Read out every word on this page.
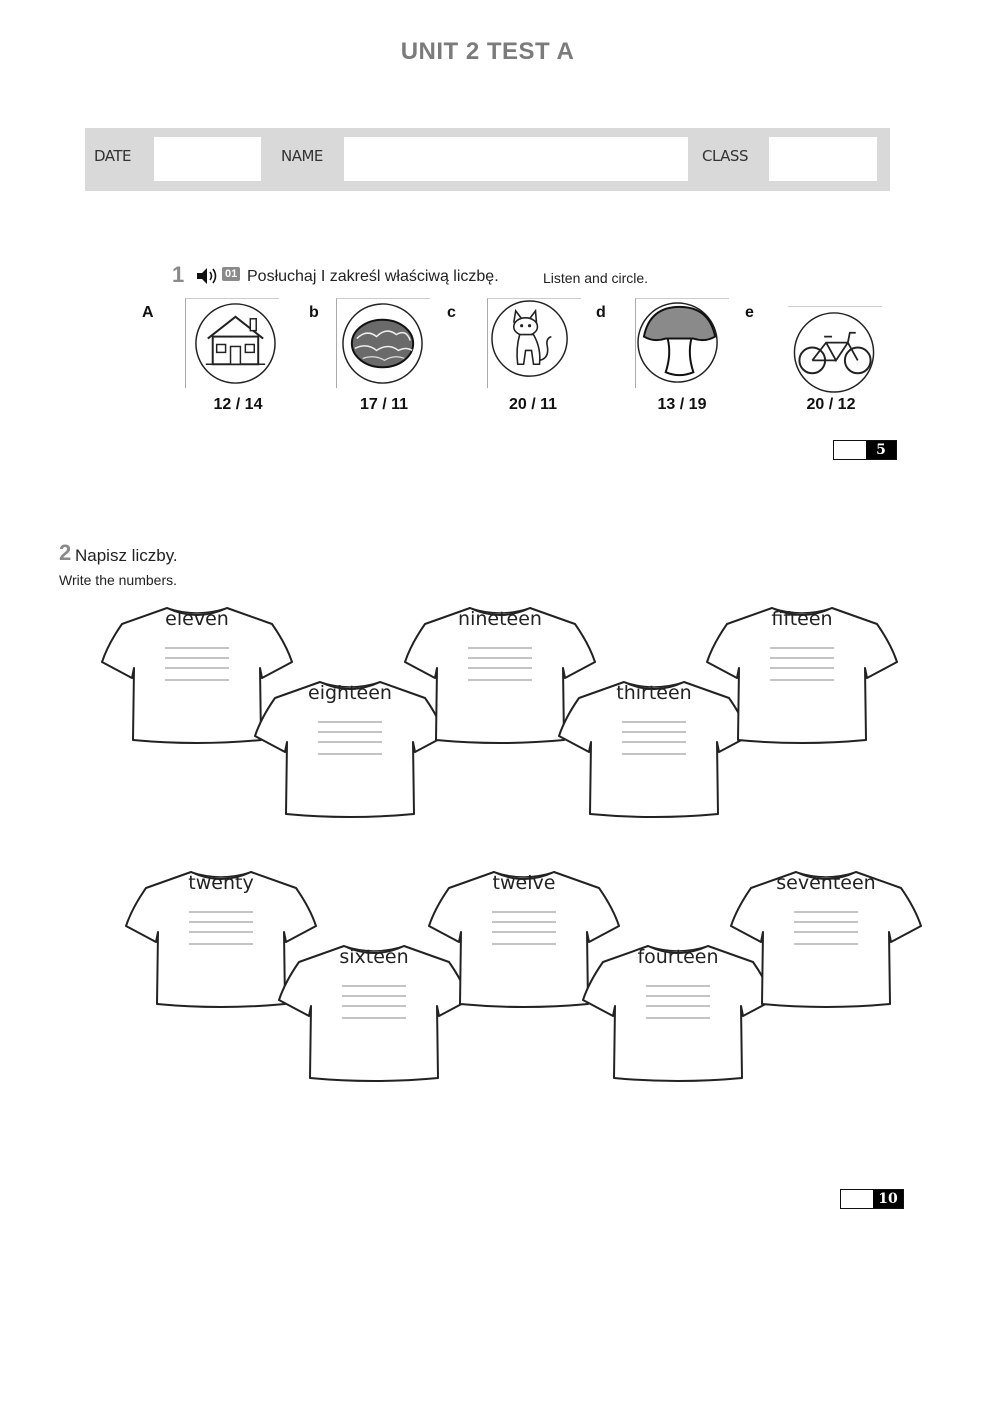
UNIT 2 TEST A
DATE	NAME	CLASS
1	01 Posłuchaj I zakreśl właściwą liczbę.	Listen and circle.
A
12 / 14
b
17 / 11
c
20 / 11
d
13 / 19
e
20 / 12
5
2 Napisz liczby.
Write the numbers.
eleven
eighteen
nineteen
thirteen
fifteen
twenty
sixteen
twelve
fourteen
seventeen
10
